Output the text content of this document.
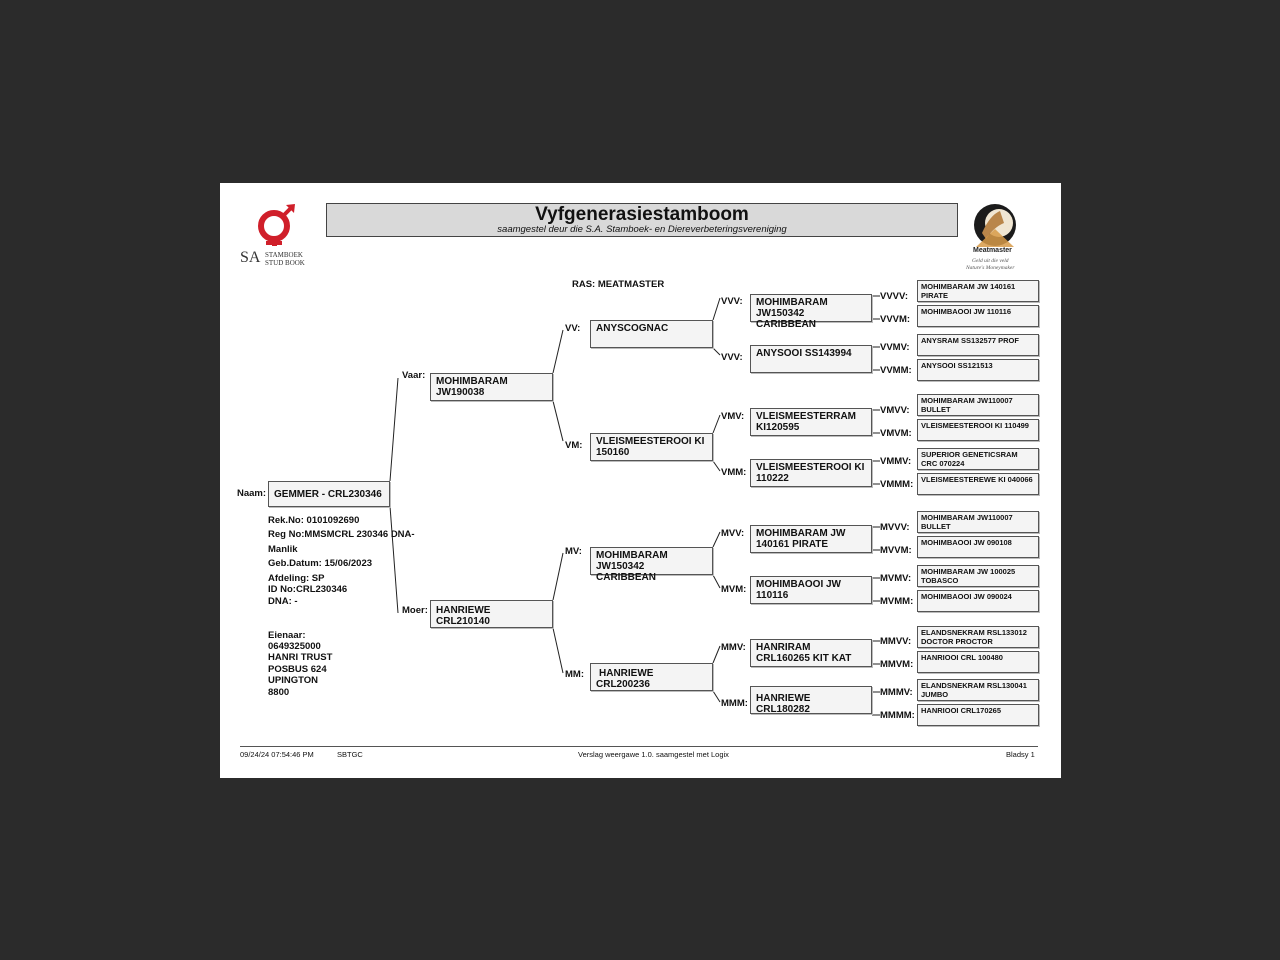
SA STAMBOEK
STUD BOOK
Vyfgenerasiestamboom
saamgestel deur die S.A. Stamboek- en Diereverbeteringsvereniging
Meatmaster
Geld uit die veld
Nature's Moneymaker
RAS: MEATMASTER
Naam: GEMMER - CRL230346
Rek.No: 0101092690
Reg No:MMSMCRL 230346 DNA-
Manlik
Geb.Datum: 15/06/2023
Afdeling: SP
ID No:CRL230346
DNA: -
Eienaar:
0649325000
HANRI TRUST
POSBUS 624
UPINGTON
8800
Vaar:
MOHIMBARAM JW190038
Moer: HANRIEWE CRL210140
VV:	ANYSCOGNAC
VM:	VLEISMEESTEROOI KI 150160
MV:	MOHIMBARAM JW150342 CARIBBEAN
MM:	HANRIEWE CRL200236
VVV:	MOHIMBARAM JW150342 CARIBBEAN
VVV:	ANYSOOI SS143994
VMV:	VLEISMEESTERRAM KI120595
VMM: VLEISMEESTEROOI KI 110222
MVV:	MOHIMBARAM JW 140161 PIRATE
MVM: MOHIMBAOOI JW 110116
MMV:	HANRIRAM CRL160265 KIT KAT
MMM: HANRIEWE CRL180282
VVVV:
MOHIMBARAM JW 140161 PIRATE
VVVM:
MOHIMBAOOI JW 110116
VVMV:
ANYSRAM SS132577 PROF
VVMM:	ANYSOOI SS121513
VMVV:
MOHIMBARAM JW110007 BULLET
VMVM:
VLEISMEESTEROOI KI 110499
VMMV:
SUPERIOR GENETICSRAM CRC 070224
VMMM:	VLEISMEESTEREWE KI 040066
MVVV:
MOHIMBARAM JW110007 BULLET
MVVM:
MOHIMBAOOI JW 090108
MVMV:
MOHIMBARAM JW 100025 TOBASCO
MVMM:	MOHIMBAOOI JW 090024
MMVV:
ELANDSNEKRAM RSL133012 DOCTOR PROCTOR
MMVM:
HANRIOOI CRL 100480
MMMV:
ELANDSNEKRAM RSL130041 JUMBO
MMMM: HANRIOOI CRL170265
09/24/24 07:54:46 PM	SBTGC	Verslag weergawe 1.0. saamgestel met Logix	Bladsy 1
